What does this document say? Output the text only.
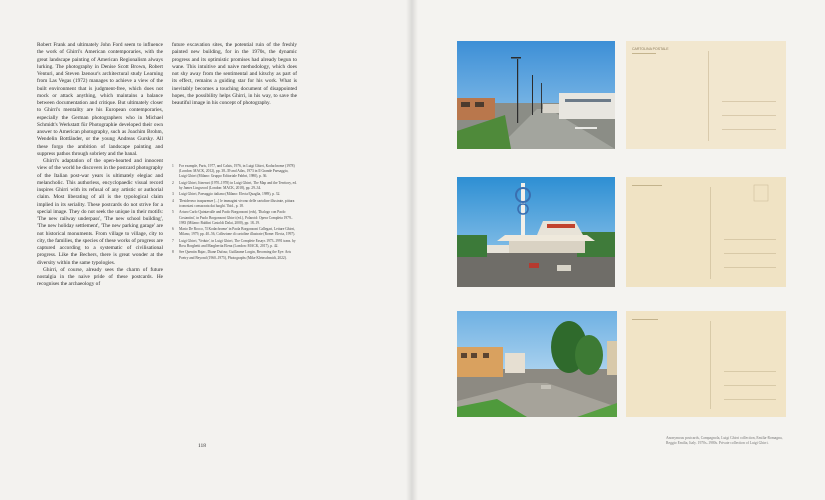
Robert Frank and ultimately John Ford seem to influence the work of Ghirri's American contemporaries, with the great landscape painting of American Regionalism always lurking. The photography in Denise Scott Brown, Robert Venturi, and Steven Izenour's architectural study Learning from Las Vegas (1972) manages to achieve a view of the built environment that is judgment-free, which does not mock or attack anything, which maintains a balance between documentation and critique. But ultimately closer to Ghirri's mentality are his European contemporaries, especially the German photographers who in Michael Schmidt's Werkstatt für Photographie developed their own answer to American photography, such as Joachim Brohm, Wendelin Bottländer, or the young Andreas Gursky. All these forgo the ambition of landscape painting and suppress pathos through sobriety and the banal.

Ghirri's adaptation of the open-hearted and innocent view of the world he discovers in the postcard photography of the Italian post-war years is ultimately elegiac and melancholic. This authorless, encyclopaedic visual record inspires Ghirri with its refusal of any artistic or authorial claim. Most liberating of all is the typological claim implied in its seriality. These postcards do not strive for a special image. They do not seek the unique in their motifs: 'The new railway underpass', 'The new school building', 'The new holiday settlement', 'The new parking garage' are not historical monuments. From village to village, city to city, the families, the species of these works of progress are captured according to a systematic of civilisational progress. Like the Bechers, there is great wonder at the diversity within the same typologies.

Ghirri, of course, already sees the charm of future nostalgia in the naive pride of these postcards. He recognises the archaeology of

future excavation sites, the potential ruin of the freshly painted new building, for in the 1970s, the dynamic progress and its optimistic promises had already begun to wane. This intuitive and naive methodology, which does not shy away from the sentimental and kitschy as part of its effect, remains a guiding star for his work. What is inevitably becomes a touching document of disappointed hopes, the possibility helps Ghirri, in his way, to save the beautiful image in his concept of photography.

1	For example, Paris, 1977, and Calais, 1976, in Luigi Ghirri, Kodachrome (1978) (London: MACK, 2012), pp. 38–39 and Atlas, 1973 in Il Grande Paesaggio, Luigi Ghirri (Milano: Gruppo Editoriale Fabbri, 1980), p. 36.
2	Luigi Ghirri, Itinerari (1970–1978) in Luigi Ghirri, The Map and the Territory, ed. by James Lingwood (London: MACK, 2018), pp. 29–34.
3	Luigi Ghirri, Paesaggio italiano (Milano: Electa/Quaglia, 1989), p. 32.
4	'Desideravo trasparenze [...] le immagini vivono delle cartoline illustrate, pittura iconostasi consacrata dai luoghi.' Ibid., p. 18.
5	Arturo Carlo Quintavalle and Paolo Borgonzoni (eds), 'Dialogo con Paolo Costantini', in Paolo Borgonzoni Ghirri (ed.), Polaroid: Opera Completa 1979–1983 (Milano: Baldini Castoldi Dalai, 2000), pp. 18–19.
6	Mario De Rocco, 'Il Kodachrome' in Paola Borgonzoni Callegari, Letture Ghirri, Milano, 1979, pp. 40–56, Collezione di cartoline illustrate (Rome: Electa, 1997).
7	Luigi Ghirri, 'Vedute', in Luigi Ghirri, The Complete Essays 1973–1991 trans. by Ross Borghetti and Margherita Elena (London: MACK, 2017), p. 42.
8	See Quentin Bajac, Diane Dufour, Guillaume Lorgin, Becoming the Eye: Arts Poetry and Beyond (1960–1975), Photographs (Mike Kleinschmidt, 2022).
118
CARTOLINA POSTALE
Anonymous postcards, Campagnola, Luigi Ghirri collection, Emilia-Romagna, Reggio Emilia, Italy. 1970s–1980s. Private collection of Luigi Ghirri.
